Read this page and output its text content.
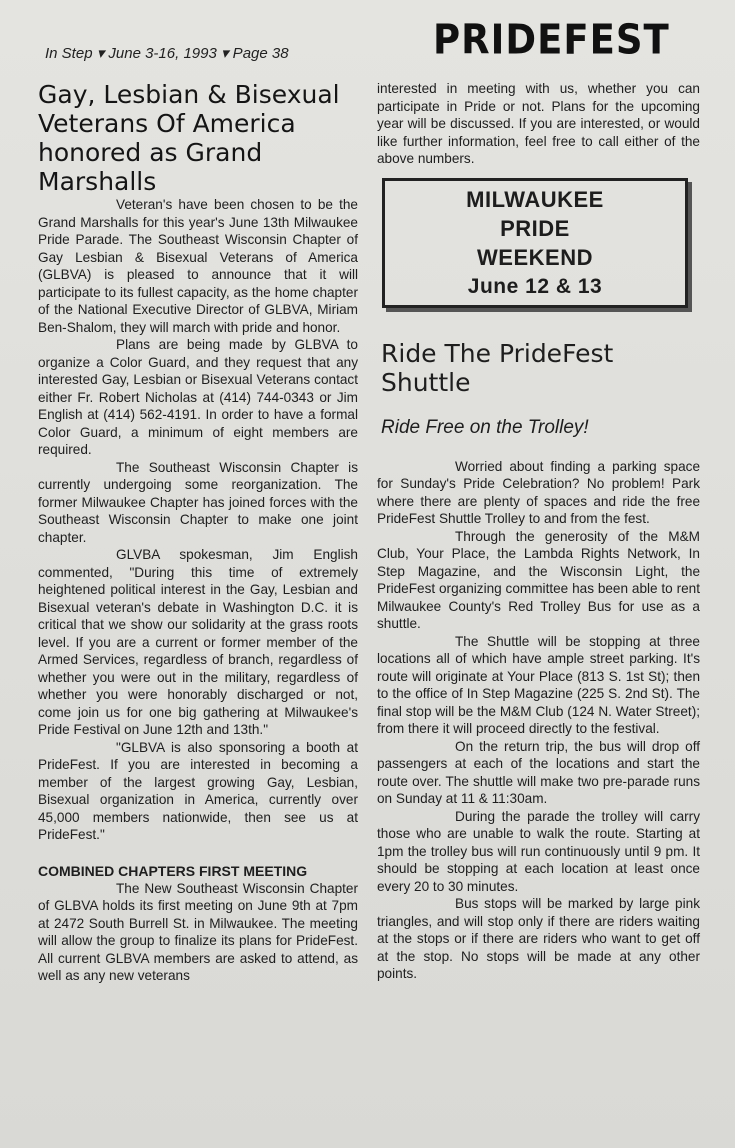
In Step ▾ June 3-16, 1993 ▾ Page 38	PRIDEFEST
Gay, Lesbian & Bisexual Veterans Of America honored as Grand Marshalls

Veteran's have been chosen to be the Grand Marshalls for this year's June 13th Milwaukee Pride Parade. The Southeast Wisconsin Chapter of Gay Lesbian & Bisexual Veterans of America (GLBVA) is pleased to announce that it will participate to its fullest capacity, as the home chapter of the National Executive Director of GLBVA, Miriam Ben-Shalom, they will march with pride and honor.

Plans are being made by GLBVA to organize a Color Guard, and they request that any interested Gay, Lesbian or Bisexual Veterans contact either Fr. Robert Nicholas at (414) 744-0343 or Jim English at (414) 562-4191. In order to have a formal Color Guard, a minimum of eight members are required.

The Southeast Wisconsin Chapter is currently undergoing some reorganization. The former Milwaukee Chapter has joined forces with the Southeast Wisconsin Chapter to make one joint chapter.

GLVBA spokesman, Jim English commented, "During this time of extremely heightened political interest in the Gay, Lesbian and Bisexual veteran's debate in Washington D.C. it is critical that we show our solidarity at the grass roots level. If you are a current or former member of the Armed Services, regardless of branch, regardless of whether you were out in the military, regardless of whether you were honorably discharged or not, come join us for one big gathering at Milwaukee's Pride Festival on June 12th and 13th."

"GLBVA is also sponsoring a booth at PrideFest. If you are interested in becoming a member of the largest growing Gay, Lesbian, Bisexual organization in America, currently over 45,000 members nationwide, then see us at PrideFest."

COMBINED CHAPTERS FIRST MEETING

The New Southeast Wisconsin Chapter of GLBVA holds its first meeting on June 9th at 7pm at 2472 South Burrell St. in Milwaukee. The meeting will allow the group to finalize its plans for PrideFest. All current GLBVA members are asked to attend, as well as any new veterans

interested in meeting with us, whether you can participate in Pride or not. Plans for the upcoming year will be discussed. If you are interested, or would like further information, feel free to call either of the above numbers.

MILWAUKEE
PRIDE
WEEKEND
June 12 & 13
Ride The PrideFest Shuttle
Ride Free on the Trolley!

Worried about finding a parking space for Sunday's Pride Celebration? No problem! Park where there are plenty of spaces and ride the free PrideFest Shuttle Trolley to and from the fest.

Through the generosity of the M&M Club, Your Place, the Lambda Rights Network, In Step Magazine, and the Wisconsin Light, the PrideFest organizing committee has been able to rent Milwaukee County's Red Trolley Bus for use as a shuttle.

The Shuttle will be stopping at three locations all of which have ample street parking. It's route will originate at Your Place (813 S. 1st St); then to the office of In Step Magazine (225 S. 2nd St). The final stop will be the M&M Club (124 N. Water Street); from there it will proceed directly to the festival.

On the return trip, the bus will drop off passengers at each of the locations and start the route over. The shuttle will make two pre-parade runs on Sunday at 11 & 11:30am.

During the parade the trolley will carry those who are unable to walk the route. Starting at 1pm the trolley bus will run continuously until 9 pm. It should be stopping at each location at least once every 20 to 30 minutes.

Bus stops will be marked by large pink triangles, and will stop only if there are riders waiting at the stops or if there are riders who want to get off at the stop. No stops will be made at any other points.
